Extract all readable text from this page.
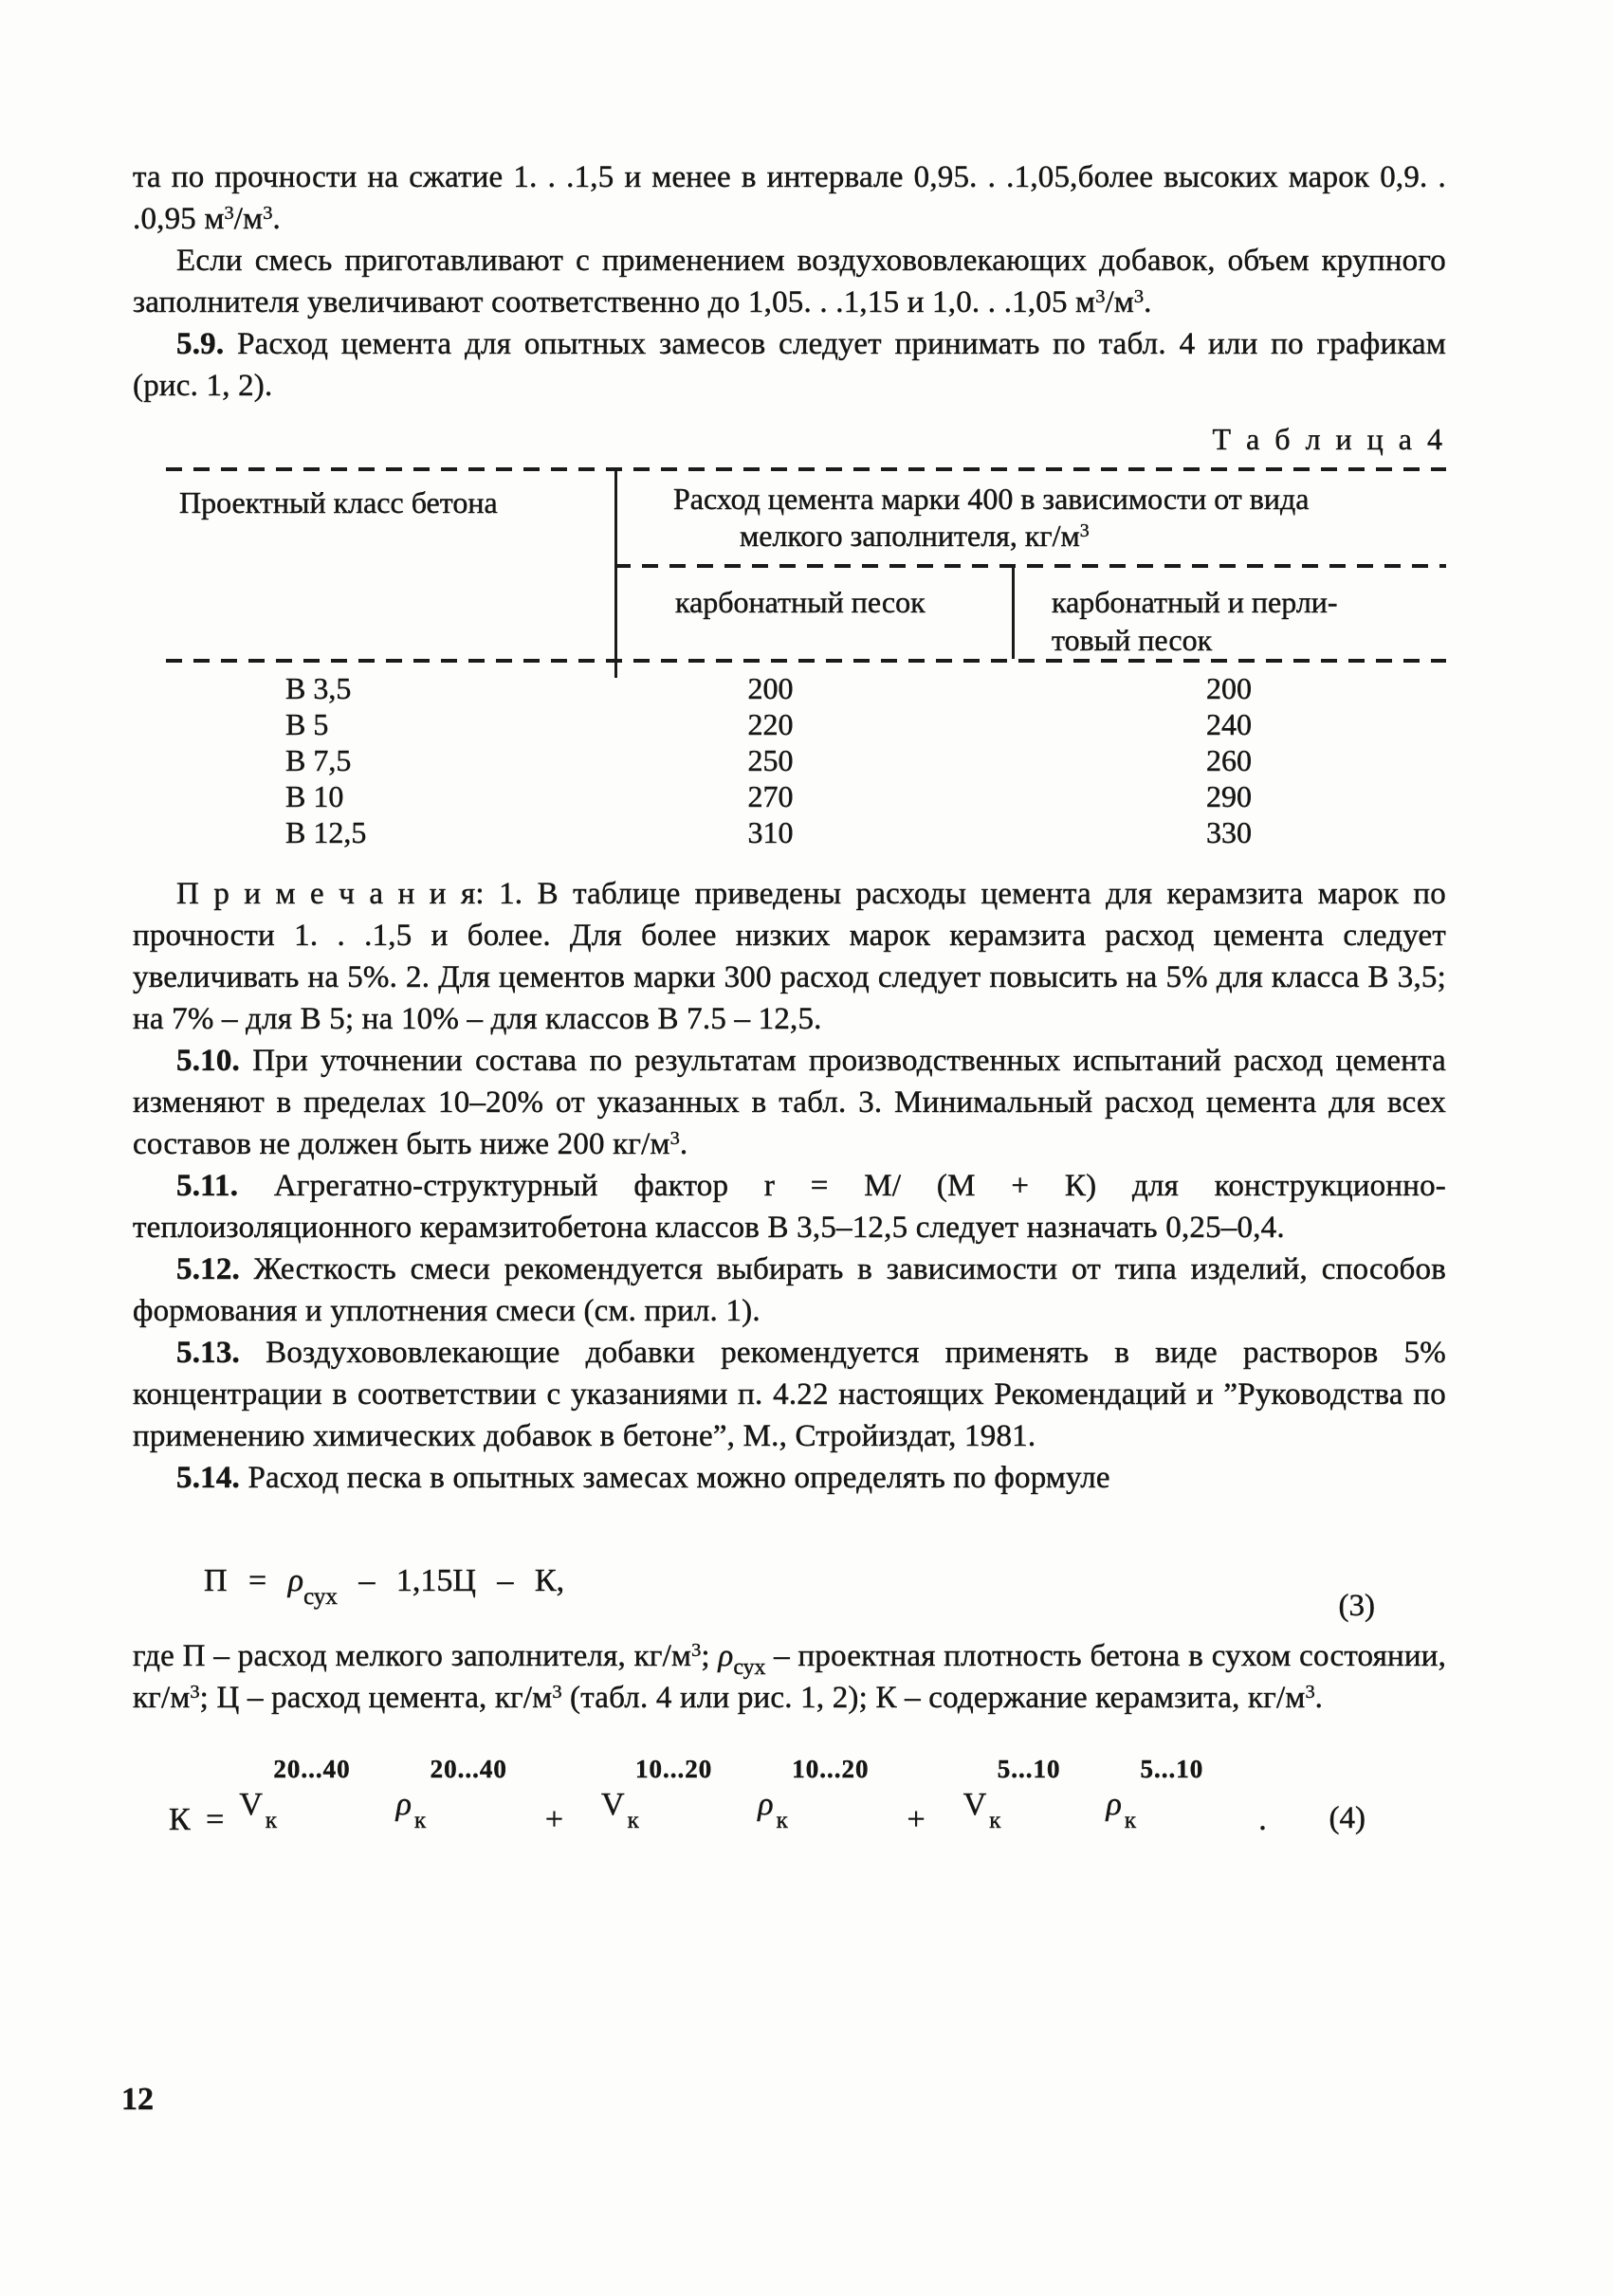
та по прочности на сжатие 1. . .1,5 и менее в интервале 0,95. . .1,05,более высоких марок 0,9. . .0,95 $м^3/м^3$.

Если смесь приготавливают с применением воздухововлекающих добавок, объем крупного заполнителя увеличивают соответственно до 1,05. . .1,15 и 1,0. . .1,05 $м^3/м^3$.

5.9. Расход цемента для опытных замесов следует принимать по табл. 4 или по графикам (рис. 1, 2).

Т а б л и ц а 4
Проектный класс бетона	Расход цемента марки 400 в зависимости от вида
мелкого заполнителя, $кг/м^3$
карбонатный песок	карбонатный и перли-
товый песок
В 3,5	200	200
В 5	220	240
В 7,5	250	260
В 10	270	290
В 12,5	310	330

П р и м е ч а н и я: 1. В таблице приведены расходы цемента для керамзита марок по прочности 1. . .1,5 и более. Для более низких марок керамзита расход цемента следует увеличивать на 5%. 2. Для цементов марки 300 расход следует повысить на 5% для класса В 3,5; на 7% – для В 5; на 10% – для классов В 7.5 – 12,5.

5.10. При уточнении состава по результатам производственных испытаний расход цемента изменяют в пределах 10–20% от указанных в табл. 3. Минимальный расход цемента для всех составов не должен быть ниже 200 $кг/м^3$.

5.11. Агрегатно-структурный фактор r = М/ (М + К) для конструкционно-теплоизоляционного керамзитобетона классов В 3,5–12,5 следует назначать 0,25–0,4.

5.12. Жесткость смеси рекомендуется выбирать в зависимости от типа изделий, способов формования и уплотнения смеси (см. прил. 1).

5.13. Воздухововлекающие добавки рекомендуется применять в виде растворов 5% концентрации в соответствии с указаниями п. 4.22 настоящих Рекомендаций и ”Руководства по применению химических добавок в бетоне”, М., Стройиздат, 1981.

5.14. Расход песка в опытных замесах можно определять по формуле

$П = \rho_{сух} - 1,15Ц - К$,
(3)

где П – расход мелкого заполнителя, $кг/м^3$; $\rho_{сух}$ – проектная плотность бетона в сухом состоянии, $кг/м^3$; Ц – расход цемента, $кг/м^3$ (табл. 4 или рис. 1, 2); К – содержание керамзита, $кг/м^3$.

К =
20...40
V $_к$
20...40
ρ $_к$	+
10...20
V $_к$
10...20
ρ $_к$	+
5...10
V $_к$
5...10
ρ $_к$	. (4)
12
